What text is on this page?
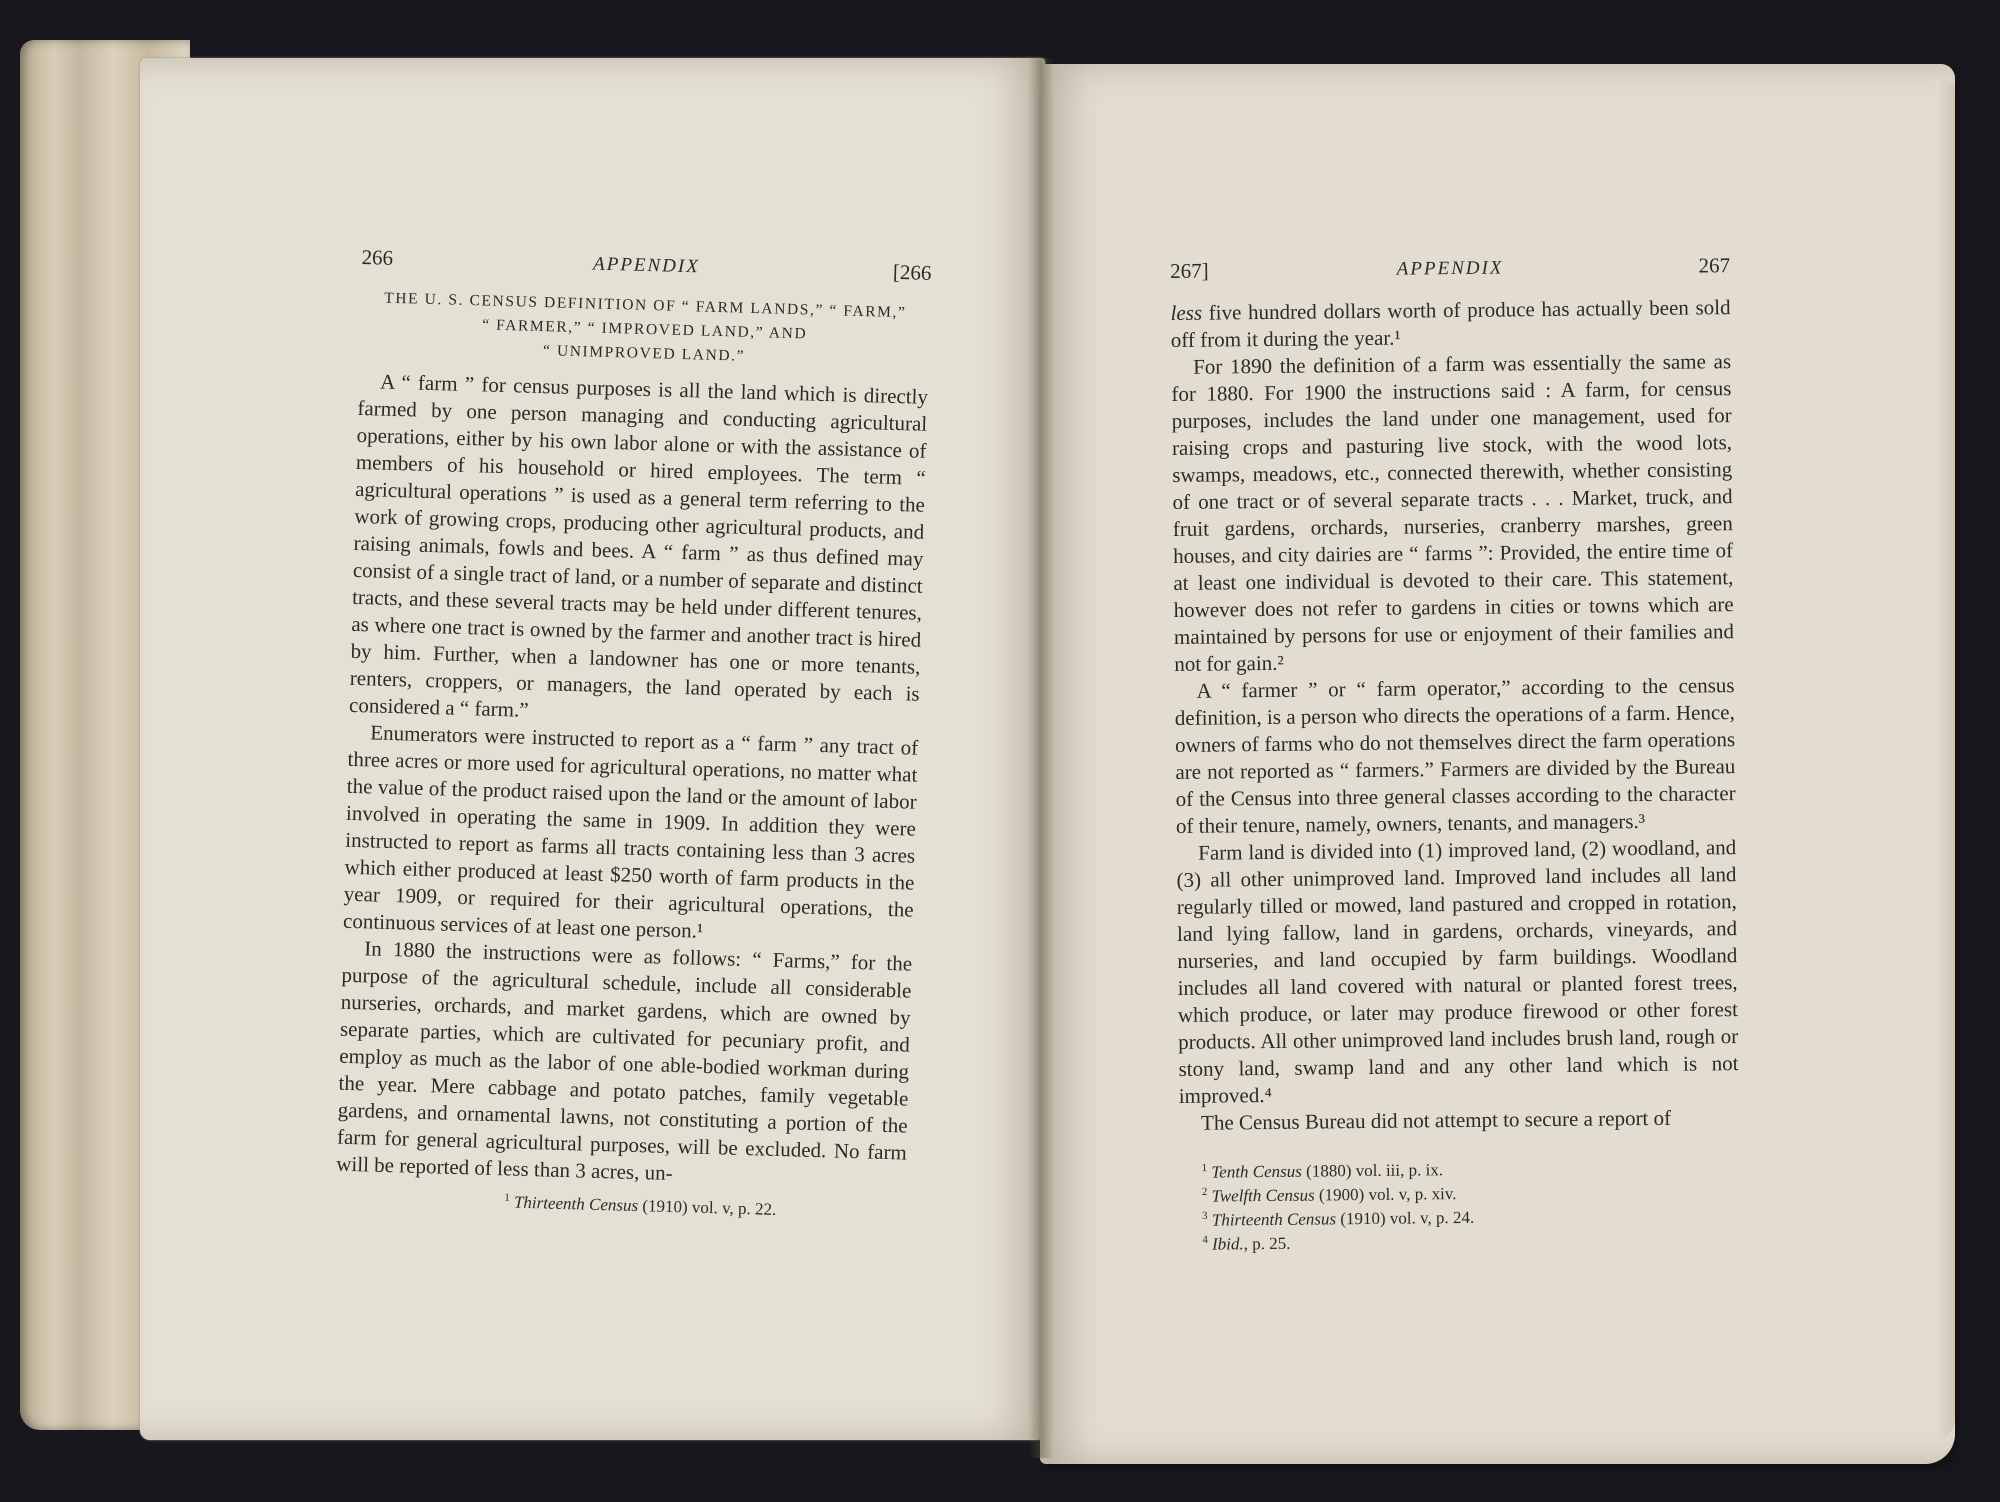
266	APPENDIX	[266
THE U. S. CENSUS DEFINITION OF “ FARM LANDS,” “ FARM,”
“ FARMER,” “ IMPROVED LAND,” AND
“ UNIMPROVED LAND.”

A “ farm ” for census purposes is all the land which is directly farmed by one person managing and conducting agricultural operations, either by his own labor alone or with the assistance of members of his household or hired employees. The term “ agricultural operations ” is used as a general term referring to the work of growing crops, producing other agricultural products, and raising animals, fowls and bees. A “ farm ” as thus defined may consist of a single tract of land, or a number of separate and distinct tracts, and these several tracts may be held under different tenures, as where one tract is owned by the farmer and another tract is hired by him. Further, when a landowner has one or more tenants, renters, croppers, or managers, the land operated by each is considered a “ farm.”

Enumerators were instructed to report as a “ farm ” any tract of three acres or more used for agricultural operations, no matter what the value of the product raised upon the land or the amount of labor involved in operating the same in 1909. In addition they were instructed to report as farms all tracts containing less than 3 acres which either produced at least $250 worth of farm products in the year 1909, or required for their agricultural operations, the continuous services of at least one person.¹

In 1880 the instructions were as follows: “ Farms,” for the purpose of the agricultural schedule, include all considerable nurseries, orchards, and market gardens, which are owned by separate parties, which are cultivated for pecuniary profit, and employ as much as the labor of one able-bodied workman during the year. Mere cabbage and potato patches, family vegetable gardens, and ornamental lawns, not constituting a portion of the farm for general agricultural purposes, will be excluded. No farm will be reported of less than 3 acres, un-

$^1$ Thirteenth Census (1910) vol. v, p. 22.
267]	APPENDIX	267

less five hundred dollars worth of produce has actually been sold off from it during the year.¹

For 1890 the definition of a farm was essentially the same as for 1880. For 1900 the instructions said : A farm, for census purposes, includes the land under one management, used for raising crops and pasturing live stock, with the wood lots, swamps, meadows, etc., connected therewith, whether consisting of one tract or of several separate tracts . . . Market, truck, and fruit gardens, orchards, nurseries, cranberry marshes, green houses, and city dairies are “ farms ”: Provided, the entire time of at least one individual is devoted to their care. This statement, however does not refer to gardens in cities or towns which are maintained by persons for use or enjoyment of their families and not for gain.²

A “ farmer ” or “ farm operator,” according to the census definition, is a person who directs the operations of a farm. Hence, owners of farms who do not themselves direct the farm operations are not reported as “ farmers.” Farmers are divided by the Bureau of the Census into three general classes according to the character of their tenure, namely, owners, tenants, and managers.³

Farm land is divided into (1) improved land, (2) woodland, and (3) all other unimproved land. Improved land includes all land regularly tilled or mowed, land pastured and cropped in rotation, land lying fallow, land in gardens, orchards, vineyards, and nurseries, and land occupied by farm buildings. Woodland includes all land covered with natural or planted forest trees, which produce, or later may produce firewood or other forest products. All other unimproved land includes brush land, rough or stony land, swamp land and any other land which is not improved.⁴

The Census Bureau did not attempt to secure a report of

$^1$ Tenth Census (1880) vol. iii, p. ix.
$^2$ Twelfth Census (1900) vol. v, p. xiv.
$^3$ Thirteenth Census (1910) vol. v, p. 24.
$^4$ Ibid., p. 25.
